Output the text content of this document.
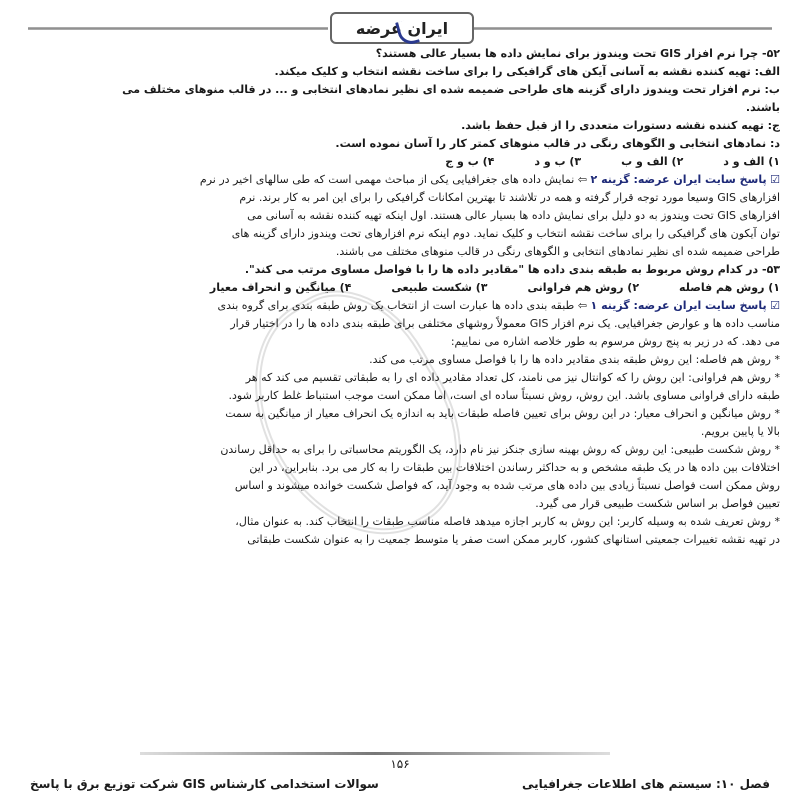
ایران عرضه
۵۲- چرا نرم افزار GIS تحت ویندوز برای نمایش داده ها بسیار عالی هستند؟
الف: تهیه کننده نقشه به آسانی آیکن های گرافیکی را برای ساخت نقشه انتخاب و کلیک میکند.
ب: نرم افزار تحت ویندوز دارای گزینه های طراحی ضمیمه شده ای نظیر نمادهای انتخابی و ... در قالب منوهای مختلف می
باشند.
ج: تهیه کننده نقشه دستورات متعددی را از قبل حفظ باشد.
د: نمادهای انتخابی و الگوهای رنگی در قالب منوهای کمتر کار را آسان نموده است.
۱) الف و د
۲) الف و ب
۳) ب و د
۴) ب و ج
☑ پاسخ سایت ایران عرضه: گزینه ۲ ⇦ نمایش داده های جغرافیایی یکی از مباحث مهمی است که طی سالهای اخیر در نرم
افزارهای GIS وسیعا مورد توجه قرار گرفته و همه در تلاشند تا بهترین امکانات گرافیکی را برای این امر به کار برند. نرم
افزارهای GIS تحت ویندوز به دو دلیل برای نمایش داده ها بسیار عالی هستند. اول اینکه تهیه کننده نقشه به آسانی می
توان آیکون های گرافیکی را برای ساخت نقشه انتخاب و کلیک نماید. دوم اینکه نرم افزارهای تحت ویندوز دارای گزینه های
طراحی ضمیمه شده ای نظیر نمادهای انتخابی و الگوهای رنگی در قالب منوهای مختلف می باشند.
۵۳- در کدام روش مربوط به طبقه بندی داده ها "مقادیر داده ها را با فواصل مساوی مرتب می کند".
۱) روش هم فاصله
۲) روش هم فراوانی
۳) شکست طبیعی
۴) میانگین و انحراف معیار
☑ پاسخ سایت ایران عرضه: گزینه ۱ ⇦ طبقه بندی داده ها عبارت است از انتخاب یک روش طبقه بندی برای گروه بندی
مناسب داده ها و عوارض جغرافیایی. یک نرم افزار GIS معمولاً روشهای مختلفی برای طبقه بندی داده ها را در اختیار قرار
می دهد. که در زیر به پنج روش مرسوم به طور خلاصه اشاره می نماییم:
* روش هم فاصله: این روش طبقه بندی مقادیر داده ها را با فواصل مساوی مرتب می کند.
* روش هم فراوانی: این روش را که کوانتال نیز می نامند، کل تعداد مقادیر داده ای را به طبقاتی تقسیم می کند که هر
طبقه دارای فراوانی مساوی باشد. این روش، روش نسبتاً ساده ای است، اما ممکن است موجب استنباط غلط کاربر شود.
* روش میانگین و انحراف معیار: در این روش برای تعیین فاصله طبقات باید به اندازه یک انحراف معیار از میانگین به سمت
بالا یا پایین برویم.
* روش شکست طبیعی: این روش که روش بهینه سازی جنکز نیز نام دارد، یک الگوریتم محاسباتی را برای به حداقل رساندن
اختلافات بین داده ها در یک طبقه مشخص و به حداکثر رساندن اختلافات بین طبقات را به کار می برد. بنابراین، در این
روش ممکن است فواصل نسبتاً زیادی بین داده های مرتب شده به وجود آید، که فواصل شکست خوانده میشوند و اساس
تعیین فواصل بر اساس شکست طبیعی قرار می گیرد.
* روش تعریف شده به وسیله کاربر: این روش به کاربر اجازه میدهد فاصله مناسب طبقات را انتخاب کند. به عنوان مثال،
در تهیه نقشه تغییرات جمعیتی استانهای کشور، کاربر ممکن است صفر یا متوسط جمعیت را به عنوان شکست طبقاتی
۱۵۶
فصل ۱۰: سیستم های اطلاعات جغرافیایی
سوالات استخدامی کارشناس GIS شرکت توزیع برق با پاسخ
